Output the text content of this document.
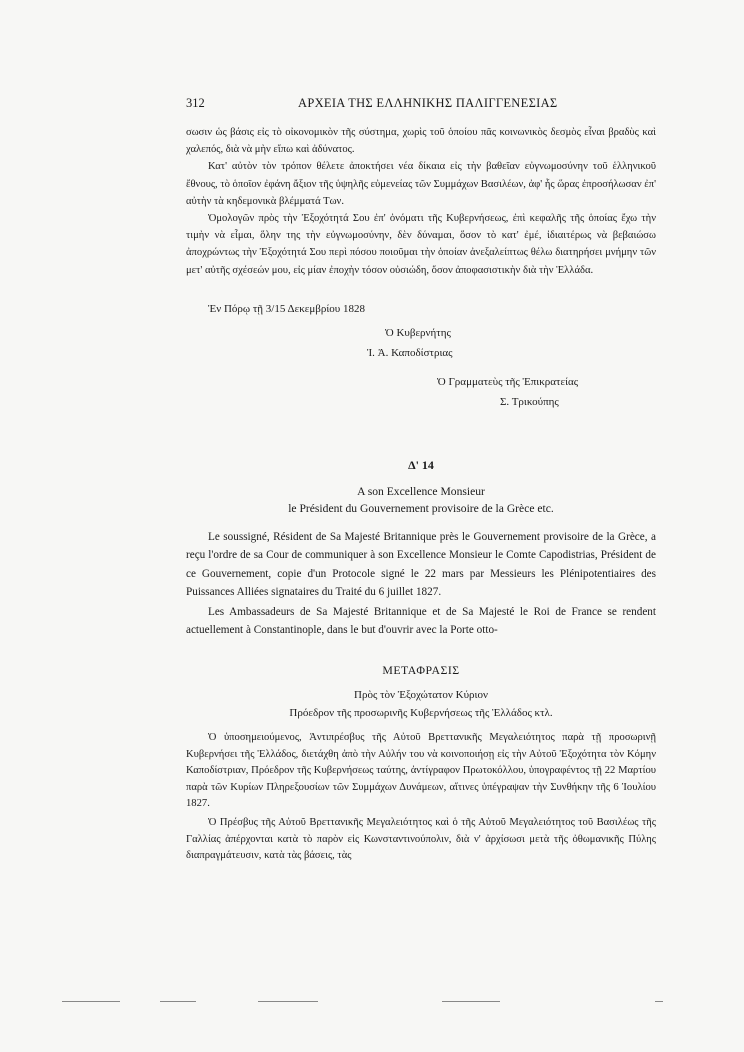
312	ΑΡΧΕΙΑ ΤΗΣ ΕΛΛΗΝΙΚΗΣ ΠΑΛΙΓΓΕΝΕΣΙΑΣ

σωσιν ὡς βάσις εἰς τὸ οἰκονομικὸν τῆς σύστημα, χωρὶς τοῦ ὁποίου πᾶς κοινωνικὸς δεσμὸς εἶναι βραδὺς καὶ χαλεπός, διὰ νὰ μὴν εἴπω καὶ ἀδύνατος.

Κατ' αὐτὸν τὸν τρόπον θέλετε ἀποκτήσει νέα δίκαια εἰς τὴν βαθεῖαν εὐγνωμοσύνην τοῦ ἑλληνικοῦ ἔθνους, τὸ ὁποῖον ἐφάνη ἄξιον τῆς ὑψηλῆς εὐμενείας τῶν Συμμάχων Βασιλέων, ἀφ' ἧς ὥρας ἐπροσήλωσαν ἐπ' αὐτὴν τὰ κηδεμονικὰ βλέμματά Των.

Ὁμολογῶν πρὸς τὴν Ἐξοχότητά Σου ἐπ' ὀνόματι τῆς Κυβερνήσεως, ἐπὶ κεφαλῆς τῆς ὁποίας ἔχω τὴν τιμὴν νὰ εἶμαι, ὅλην της τὴν εὐγνωμοσύνην, δὲν δύναμαι, ὅσον τὸ κατ' ἐμέ, ἰδιαιτέρως νὰ βεβαιώσω ἀποχρώντως τὴν Ἐξοχότητά Σου περὶ πόσου ποιοῦμαι τὴν ὁποίαν ἀνεξαλείπτως θέλω διατηρήσει μνήμην τῶν μετ' αὐτῆς σχέσεών μου, εἰς μίαν ἐποχὴν τόσον οὐσιώδη, ὅσον ἀποφασιστικὴν διὰ τὴν Ἑλλάδα.

Ἐν Πόρῳ τῇ 3/15 Δεκεμβρίου 1828
Ὁ Κυβερνήτης
Ἰ. Ἀ. Καποδίστριας
Ὁ Γραμματεὺς τῆς Ἐπικρατείας
Σ. Τρικούπης
Δ' 14
A son Excellence Monsieur
le Président du Gouvernement provisoire de la Grèce etc.

Le soussigné, Résident de Sa Majesté Britannique près le Gouvernement provisoire de la Grèce, a reçu l'ordre de sa Cour de communiquer à son Excellence Monsieur le Comte Capodistrias, Président de ce Gouvernement, copie d'un Protocole signé le 22 mars par Messieurs les Plénipotentiaires des Puissances Alliées signataires du Traité du 6 juillet 1827.

Les Ambassadeurs de Sa Majesté Britannique et de Sa Majesté le Roi de France se rendent actuellement à Constantinople, dans le but d'ouvrir avec la Porte otto-

ΜΕΤΑΦΡΑΣΙΣ
Πρὸς τὸν Ἐξοχώτατον Κύριον
Πρόεδρον τῆς προσωρινῆς Κυβερνήσεως τῆς Ἑλλάδος κτλ.

Ὁ ὑποσημειούμενος, Ἀντιπρέσβυς τῆς Αὐτοῦ Βρεττανικῆς Μεγαλειότητος παρὰ τῇ προσωρινῇ Κυβερνήσει τῆς Ἑλλάδος, διετάχθη ἀπὸ τὴν Αὐλήν του νὰ κοινοποιήσῃ εἰς τὴν Αὐτοῦ Ἐξοχότητα τὸν Κόμην Καποδίστριαν, Πρόεδρον τῆς Κυβερνήσεως ταύτης, ἀντίγραφον Πρωτοκόλλου, ὑπογραφέντος τῇ 22 Μαρτίου παρὰ τῶν Κυρίων Πληρεξουσίων τῶν Συμμάχων Δυνάμεων, αἵτινες ὑπέγραψαν τὴν Συνθήκην τῆς 6 Ἰουλίου 1827.

Ὁ Πρέσβυς τῆς Αὐτοῦ Βρεττανικῆς Μεγαλειότητος καὶ ὁ τῆς Αὐτοῦ Μεγαλειότητος τοῦ Βασιλέως τῆς Γαλλίας ἀπέρχονται κατὰ τὸ παρὸν εἰς Κωνσταντινούπολιν, διὰ ν' ἀρχίσωσι μετὰ τῆς ὀθωμανικῆς Πύλης διαπραγμάτευσιν, κατὰ τὰς βάσεις, τὰς
